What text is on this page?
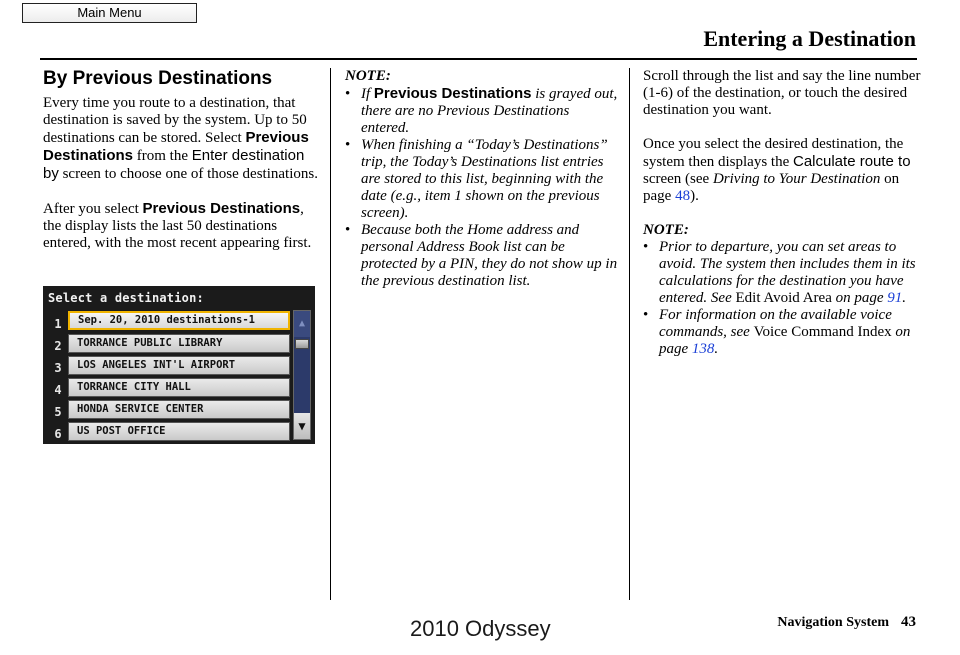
Main Menu
Entering a Destination
By Previous Destinations

Every time you route to a destination, that destination is saved by the system. Up to 50 destinations can be stored. Select Previous Destinations from the Enter destination by screen to choose one of those destinations.

After you select Previous Destinations, the display lists the last 50 destinations entered, with the most recent appearing first.

Select a destination:
1	Sep. 20, 2010 destinations-1
2	TORRANCE PUBLIC LIBRARY
3	LOS ANGELES INT'L AIRPORT
4	TORRANCE CITY HALL
5	HONDA SERVICE CENTER
6	US POST OFFICE
▲
▼

NOTE:

• If Previous Destinations is grayed out, there are no Previous Destinations entered.
• When finishing a “Today’s Destinations” trip, the Today’s Destinations list entries are stored to this list, beginning with the date (e.g., item 1 shown on the previous screen).
• Because both the Home address and personal Address Book list can be protected by a PIN, they do not show up in the previous destination list.

Scroll through the list and say the line number (1-6) of the destination, or touch the desired destination you want.

Once you select the desired destination, the system then displays the Calculate route to screen (see Driving to Your Destination on page 48).

NOTE:

• Prior to departure, you can set areas to avoid. The system then includes them in its calculations for the destination you have entered. See Edit Avoid Area on page 91.
• For information on the available voice commands, see Voice Command Index on page 138.
Navigation System 43
2010 Odyssey
